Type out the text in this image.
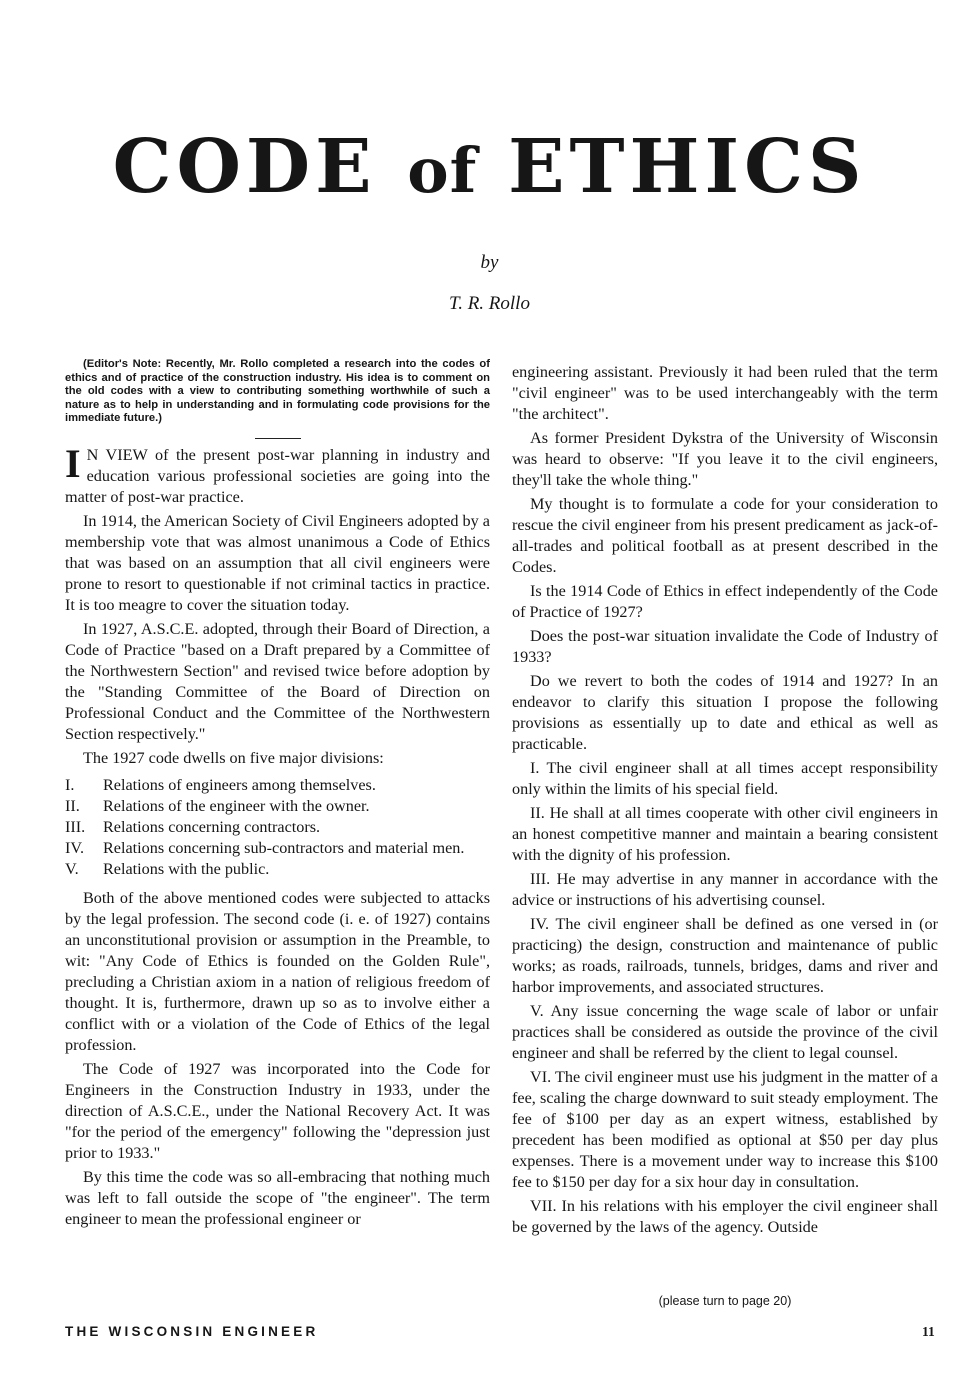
CODE of ETHICS
by
T. R. Rollo

(Editor's Note: Recently, Mr. Rollo completed a research into the codes of ethics and of practice of the construction industry. His idea is to comment on the old codes with a view to contributing something worthwhile of such a nature as to help in understanding and in formulating code provisions for the immediate future.)

I N VIEW of the present post-war planning in industry and education various professional societies are going into the matter of post-war practice.

In 1914, the American Society of Civil Engineers adopted by a membership vote that was almost unanimous a Code of Ethics that was based on an assumption that all civil engineers were prone to resort to questionable if not criminal tactics in practice. It is too meagre to cover the situation today.

In 1927, A.S.C.E. adopted, through their Board of Direction, a Code of Practice "based on a Draft prepared by a Committee of the Northwestern Section" and revised twice before adoption by the "Standing Committee of the Board of Direction on Professional Conduct and the Committee of the Northwestern Section respectively."

The 1927 code dwells on five major divisions:

I.	Relations of engineers among themselves.
II.	Relations of the engineer with the owner.
III.	Relations concerning contractors.
IV.	Relations concerning sub-contractors and material men.
V.	Relations with the public.

Both of the above mentioned codes were subjected to attacks by the legal profession. The second code (i. e. of 1927) contains an unconstitutional provision or assumption in the Preamble, to wit: "Any Code of Ethics is founded on the Golden Rule", precluding a Christian axiom in a nation of religious freedom of thought. It is, furthermore, drawn up so as to involve either a conflict with or a violation of the Code of Ethics of the legal profession.

The Code of 1927 was incorporated into the Code for Engineers in the Construction Industry in 1933, under the direction of A.S.C.E., under the National Recovery Act. It was "for the period of the emergency" following the "depression just prior to 1933."

By this time the code was so all-embracing that nothing much was left to fall outside the scope of "the engineer". The term engineer to mean the professional engineer or

engineering assistant. Previously it had been ruled that the term "civil engineer" was to be used interchangeably with the term "the architect".

As former President Dykstra of the University of Wisconsin was heard to observe: "If you leave it to the civil engineers, they'll take the whole thing."

My thought is to formulate a code for your consideration to rescue the civil engineer from his present predicament as jack-of-all-trades and political football as at present described in the Codes.

Is the 1914 Code of Ethics in effect independently of the Code of Practice of 1927?

Does the post-war situation invalidate the Code of Industry of 1933?

Do we revert to both the codes of 1914 and 1927? In an endeavor to clarify this situation I propose the following provisions as essentially up to date and ethical as well as practicable.

I. The civil engineer shall at all times accept responsibility only within the limits of his special field.

II. He shall at all times cooperate with other civil engineers in an honest competitive manner and maintain a bearing consistent with the dignity of his profession.

III. He may advertise in any manner in accordance with the advice or instructions of his advertising counsel.

IV. The civil engineer shall be defined as one versed in (or practicing) the design, construction and maintenance of public works; as roads, railroads, tunnels, bridges, dams and river and harbor improvements, and associated structures.

V. Any issue concerning the wage scale of labor or unfair practices shall be considered as outside the province of the civil engineer and shall be referred by the client to legal counsel.

VI. The civil engineer must use his judgment in the matter of a fee, scaling the charge downward to suit steady employment. The fee of $100 per day as an expert witness, established by precedent has been modified as optional at $50 per day plus expenses. There is a movement under way to increase this $100 fee to $150 per day for a six hour day in consultation.

VII. In his relations with his employer the civil engineer shall be governed by the laws of the agency. Outside

(please turn to page 20)
THE WISCONSIN ENGINEER	11
